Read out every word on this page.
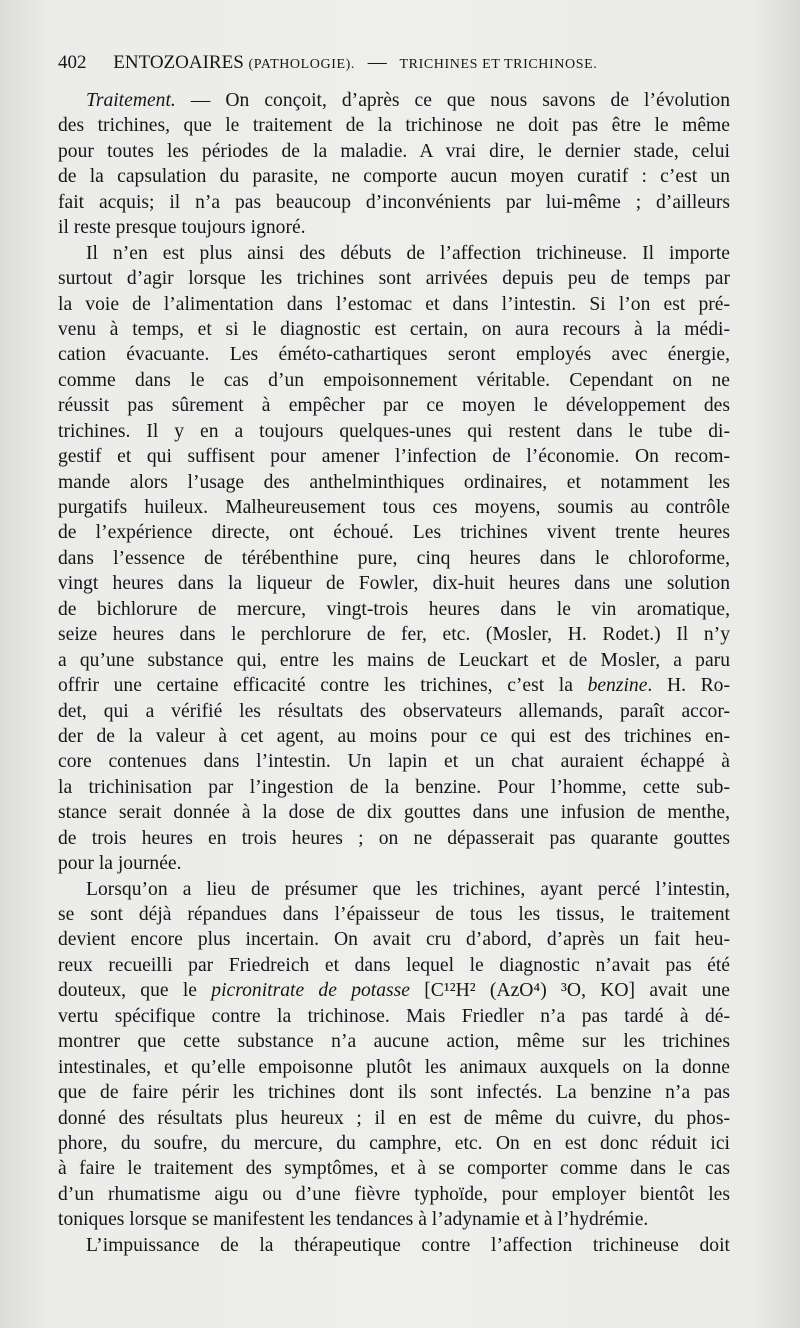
402 ENTOZOAIRES (PATHOLOGIE). — TRICHINES ET TRICHINOSE.
Traitement. — On conçoit, d’après ce que nous savons de l’évolution
des trichines, que le traitement de la trichinose ne doit pas être le même
pour toutes les périodes de la maladie. A vrai dire, le dernier stade, celui
de la capsulation du parasite, ne comporte aucun moyen curatif : c’est un
fait acquis; il n’a pas beaucoup d’inconvénients par lui-même ; d’ailleurs
il reste presque toujours ignoré.
Il n’en est plus ainsi des débuts de l’affection trichineuse. Il importe
surtout d’agir lorsque les trichines sont arrivées depuis peu de temps par
la voie de l’alimentation dans l’estomac et dans l’intestin. Si l’on est pré-
venu à temps, et si le diagnostic est certain, on aura recours à la médi-
cation évacuante. Les éméto-cathartiques seront employés avec énergie,
comme dans le cas d’un empoisonnement véritable. Cependant on ne
réussit pas sûrement à empêcher par ce moyen le développement des
trichines. Il y en a toujours quelques-unes qui restent dans le tube di-
gestif et qui suffisent pour amener l’infection de l’économie. On recom-
mande alors l’usage des anthelminthiques ordinaires, et notamment les
purgatifs huileux. Malheureusement tous ces moyens, soumis au contrôle
de l’expérience directe, ont échoué. Les trichines vivent trente heures
dans l’essence de térébenthine pure, cinq heures dans le chloroforme,
vingt heures dans la liqueur de Fowler, dix-huit heures dans une solution
de bichlorure de mercure, vingt-trois heures dans le vin aromatique,
seize heures dans le perchlorure de fer, etc. (Mosler, H. Rodet.) Il n’y
a qu’une substance qui, entre les mains de Leuckart et de Mosler, a paru
offrir une certaine efficacité contre les trichines, c’est la benzine. H. Ro-
det, qui a vérifié les résultats des observateurs allemands, paraît accor-
der de la valeur à cet agent, au moins pour ce qui est des trichines en-
core contenues dans l’intestin. Un lapin et un chat auraient échappé à
la trichinisation par l’ingestion de la benzine. Pour l’homme, cette sub-
stance serait donnée à la dose de dix gouttes dans une infusion de menthe,
de trois heures en trois heures ; on ne dépasserait pas quarante gouttes
pour la journée.
Lorsqu’on a lieu de présumer que les trichines, ayant percé l’intestin,
se sont déjà répandues dans l’épaisseur de tous les tissus, le traitement
devient encore plus incertain. On avait cru d’abord, d’après un fait heu-
reux recueilli par Friedreich et dans lequel le diagnostic n’avait pas été
douteux, que le picronitrate de potasse [C¹²H² (AzO⁴) ³O, KO] avait une
vertu spécifique contre la trichinose. Mais Friedler n’a pas tardé à dé-
montrer que cette substance n’a aucune action, même sur les trichines
intestinales, et qu’elle empoisonne plutôt les animaux auxquels on la donne
que de faire périr les trichines dont ils sont infectés. La benzine n’a pas
donné des résultats plus heureux ; il en est de même du cuivre, du phos-
phore, du soufre, du mercure, du camphre, etc. On en est donc réduit ici
à faire le traitement des symptômes, et à se comporter comme dans le cas
d’un rhumatisme aigu ou d’une fièvre typhoïde, pour employer bientôt les
toniques lorsque se manifestent les tendances à l’adynamie et à l’hydrémie.
L’impuissance de la thérapeutique contre l’affection trichineuse doit
